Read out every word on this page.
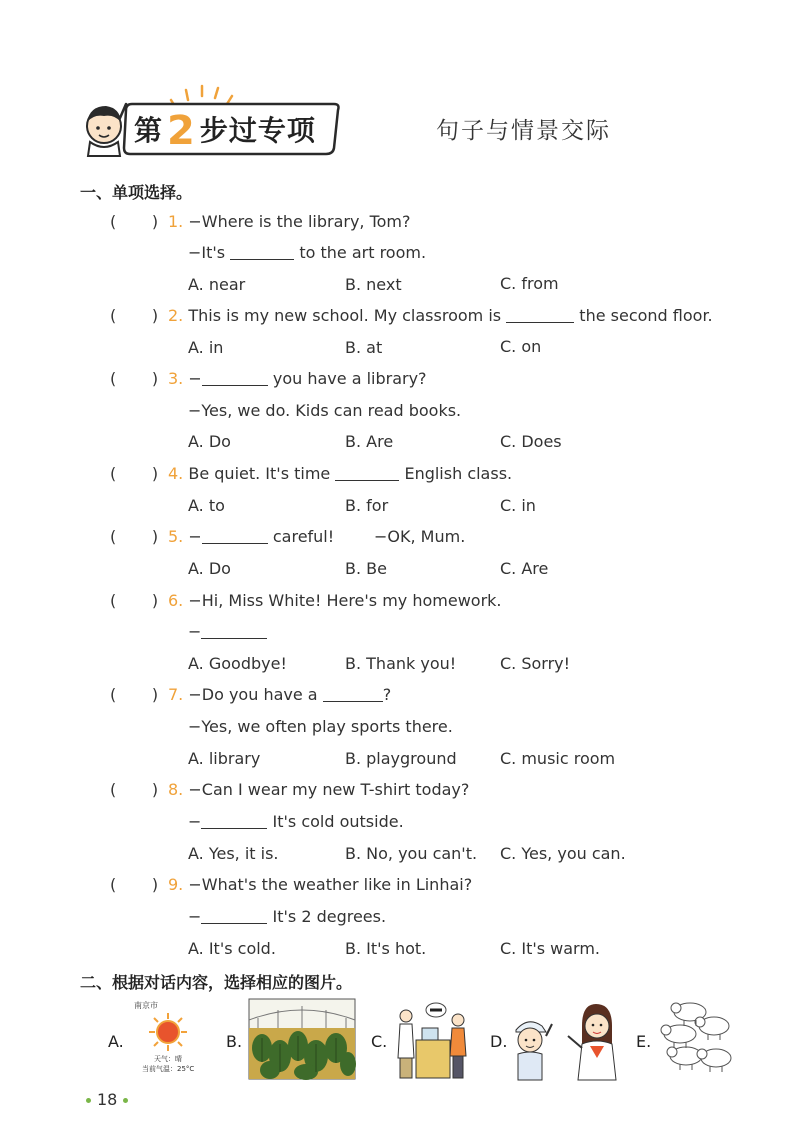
第 2 步过专项	句子与情景交际
一、单项选择。
(       ) 1. −Where is the library, Tom?
−It's	to the art room.
A. near	B. next	C. from
(       ) 2. This is my new school. My classroom is	the second floor.
A. in	B. at	C. on
(       ) 3. −	you have a library?
−Yes, we do. Kids can read books.
A. Do	B. Are	C. Does
(       ) 4. Be quiet. It's time	English class.
A. to	B. for	C. in
(       ) 5. −	careful! −OK, Mum.
A. Do	B. Be	C. Are
(       ) 6. −Hi, Miss White! Here's my homework.
−
A. Goodbye!	B. Thank you!	C. Sorry!
(       ) 7. −Do you have a	?
−Yes, we often play sports there.
A. library	B. playground	C. music room
(       ) 8. −Can I wear my new T-shirt today?
−	It's cold outside.
A. Yes, it is.	B. No, you can't. C. Yes, you can.
(       ) 9. −What's the weather like in Linhai?
−	It's 2 degrees.
A. It's cold.	B. It's hot.	C. It's warm.
二、根据对话内容，选择相应的图片。
A.
南京市
天气：晴
当前气温：25°C
B.	C.	D.	E.
18
